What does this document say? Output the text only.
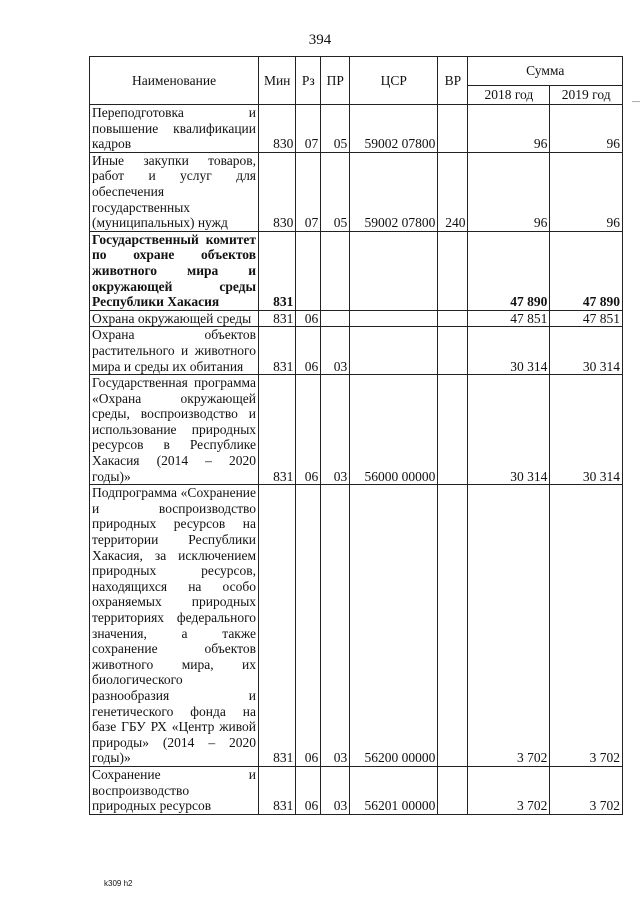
394
Наименование	Мин	Рз	ПР	ЦСР	ВР	Сумма	
						2018 год	2019 год
Переподготовка и повышение квалификации кадров	830	07	05	59002 07800		96	96
Иные закупки товаров, работ и услуг для обеспечения государственных (муниципальных) нужд	830	07	05	59002 07800	240	96	96
Государственный комитет по охране объектов животного мира и окружающей среды Республики Хакасия	831					47 890	47 890
Охрана окружающей среды	831	06				47 851	47 851
Охрана объектов растительного и животного мира и среды их обитания	831	06	03			30 314	30 314
Государственная программа «Охрана окружающей среды, воспроизводство и использование природных ресурсов в Республике Хакасия (2014 – 2020 годы)»	831	06	03	56000 00000		30 314	30 314
Подпрограмма «Сохранение и воспроизводство природных ресурсов на территории Республики Хакасия, за исключением природных ресурсов, находящихся на особо охраняемых природных территориях федерального значения, а также сохранение объектов животного мира, их биологического разнообразия и генетического фонда на базе ГБУ РХ «Центр живой природы» (2014 – 2020 годы)»	831	06	03	56200 00000		3 702	3 702
Сохранение и воспроизводство природных ресурсов	831	06	03	56201 00000		3 702	3 702
│
k309 h2
